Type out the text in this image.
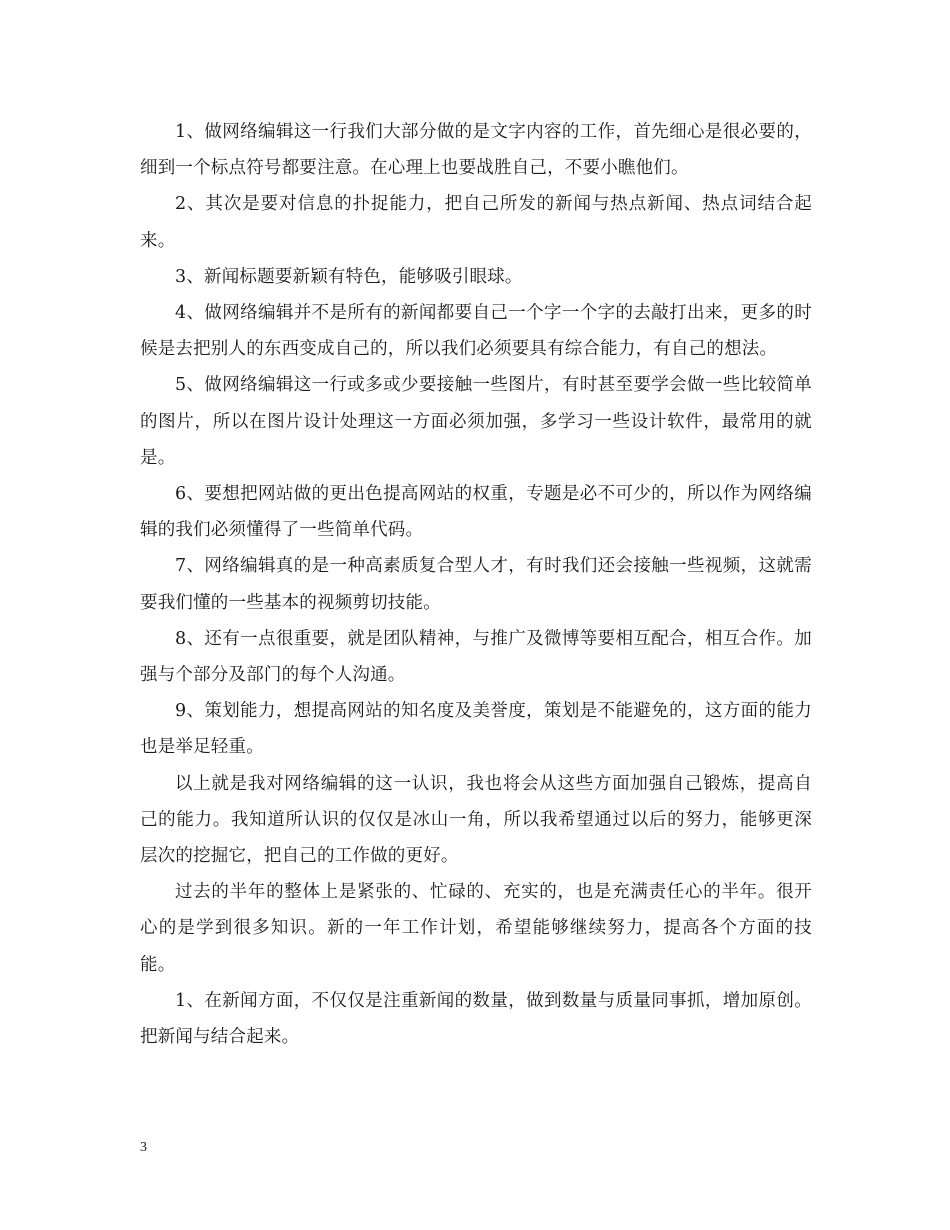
1、做网络编辑这一行我们大部分做的是文字内容的工作，首先细心是很必要的，细到一个标点符号都要注意。在心理上也要战胜自己，不要小瞧他们。

2、其次是要对信息的扑捉能力，把自己所发的新闻与热点新闻、热点词结合起来。

3、新闻标题要新颖有特色，能够吸引眼球。

4、做网络编辑并不是所有的新闻都要自己一个字一个字的去敲打出来，更多的时候是去把别人的东西变成自己的，所以我们必须要具有综合能力，有自己的想法。

5、做网络编辑这一行或多或少要接触一些图片，有时甚至要学会做一些比较简单的图片，所以在图片设计处理这一方面必须加强，多学习一些设计软件，最常用的就是。

6、要想把网站做的更出色提高网站的权重，专题是必不可少的，所以作为网络编辑的我们必须懂得了一些简单代码。

7、网络编辑真的是一种高素质复合型人才，有时我们还会接触一些视频，这就需要我们懂的一些基本的视频剪切技能。

8、还有一点很重要，就是团队精神，与推广及微博等要相互配合，相互合作。加强与个部分及部门的每个人沟通。

9、策划能力，想提高网站的知名度及美誉度，策划是不能避免的，这方面的能力也是举足轻重。

以上就是我对网络编辑的这一认识，我也将会从这些方面加强自己锻炼，提高自己的能力。我知道所认识的仅仅是冰山一角，所以我希望通过以后的努力，能够更深层次的挖掘它，把自己的工作做的更好。

过去的半年的整体上是紧张的、忙碌的、充实的，也是充满责任心的半年。很开心的是学到很多知识。新的一年工作计划，希望能够继续努力，提高各个方面的技能。

1、在新闻方面，不仅仅是注重新闻的数量，做到数量与质量同事抓，增加原创。把新闻与结合起来。

3
